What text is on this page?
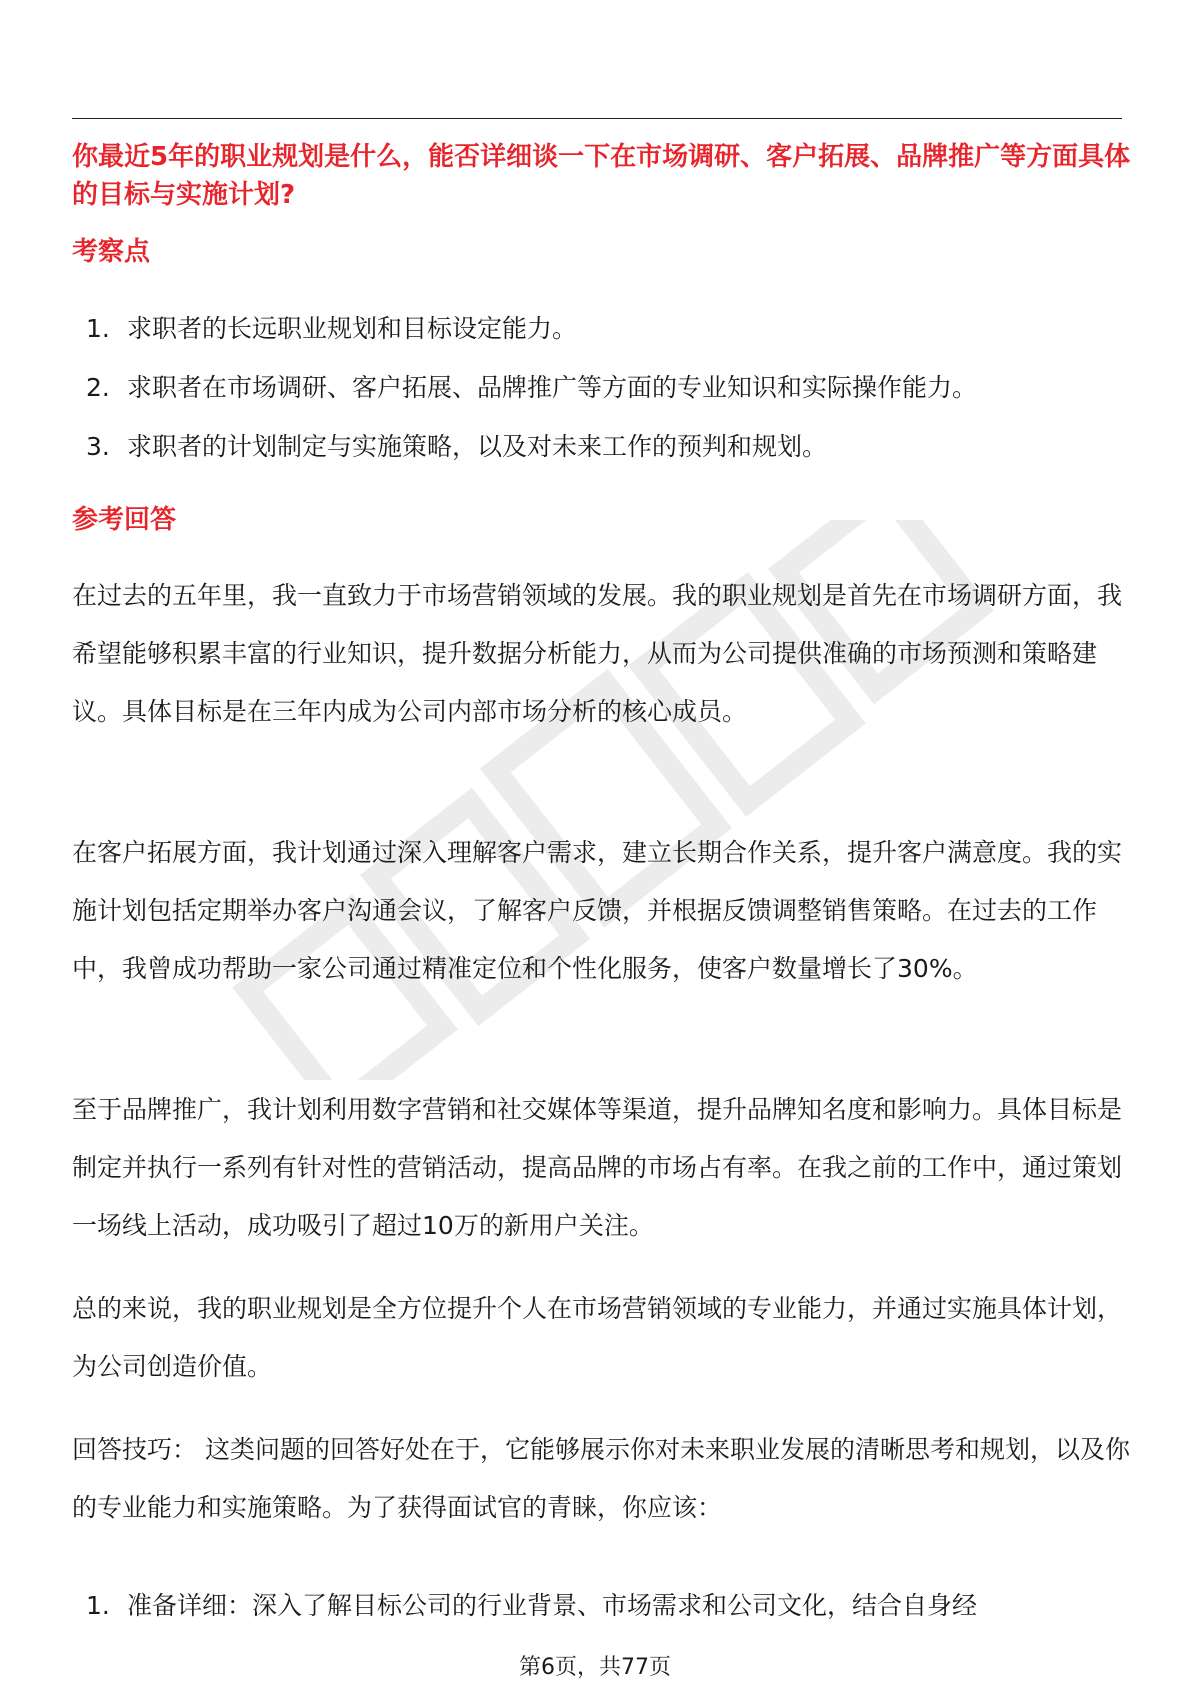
你最近5年的职业规划是什么，能否详细谈一下在市场调研、客户拓展、品牌推广等方面具体的目标与实施计划?

考察点
1. 求职者的长远职业规划和目标设定能力。
2. 求职者在市场调研、客户拓展、品牌推广等方面的专业知识和实际操作能力。
3. 求职者的计划制定与实施策略，以及对未来工作的预判和规划。
参考回答

在过去的五年里，我一直致力于市场营销领域的发展。我的职业规划是首先在市场调研方面，我希望能够积累丰富的行业知识，提升数据分析能力，从而为公司提供准确的市场预测和策略建议。具体目标是在三年内成为公司内部市场分析的核心成员。

在客户拓展方面，我计划通过深入理解客户需求，建立长期合作关系，提升客户满意度。我的实施计划包括定期举办客户沟通会议，了解客户反馈，并根据反馈调整销售策略。在过去的工作中，我曾成功帮助一家公司通过精准定位和个性化服务，使客户数量增长了30%。

至于品牌推广，我计划利用数字营销和社交媒体等渠道，提升品牌知名度和影响力。具体目标是制定并执行一系列有针对性的营销活动，提高品牌的市场占有率。在我之前的工作中，通过策划一场线上活动，成功吸引了超过10万的新用户关注。

总的来说，我的职业规划是全方位提升个人在市场营销领域的专业能力，并通过实施具体计划，为公司创造价值。

回答技巧： 这类问题的回答好处在于，它能够展示你对未来职业发展的清晰思考和规划，以及你的专业能力和实施策略。为了获得面试官的青睐，你应该：

1. 准备详细：深入了解目标公司的行业背景、市场需求和公司文化，结合自身经
第6页，共77页
